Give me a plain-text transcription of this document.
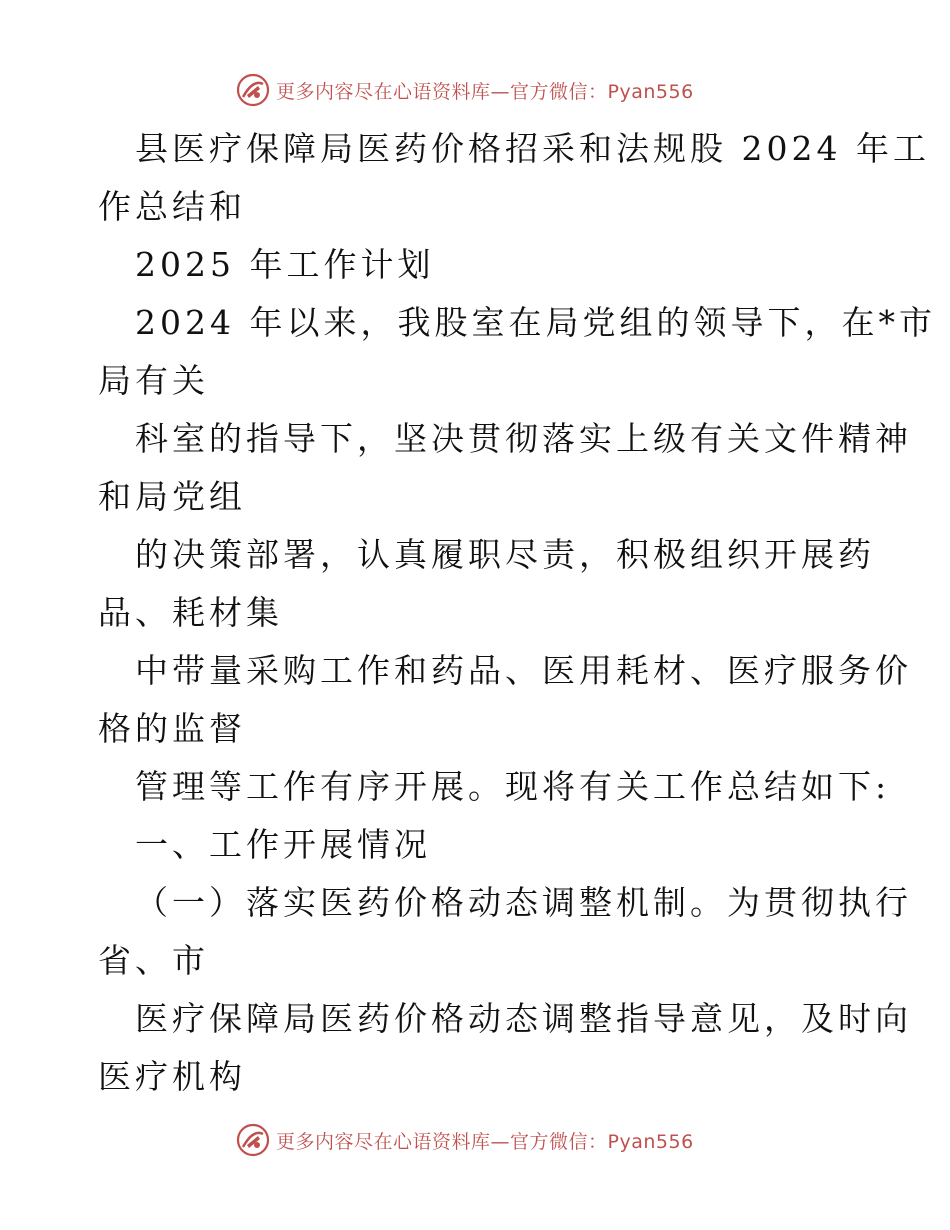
更多内容尽在心语资料库—官方微信：Pyan556
县医疗保障局医药价格招采和法规股 2024 年工
作总结和
2025 年工作计划
2024 年以来，我股室在局党组的领导下，在*市
局有关
科室的指导下，坚决贯彻落实上级有关文件精神
和局党组
的决策部署，认真履职尽责，积极组织开展药
品、耗材集
中带量采购工作和药品、医用耗材、医疗服务价
格的监督
管理等工作有序开展。现将有关工作总结如下:
一、工作开展情况
（一）落实医药价格动态调整机制。为贯彻执行
省、市
医疗保障局医药价格动态调整指导意见，及时向
医疗机构
更多内容尽在心语资料库—官方微信：Pyan556
